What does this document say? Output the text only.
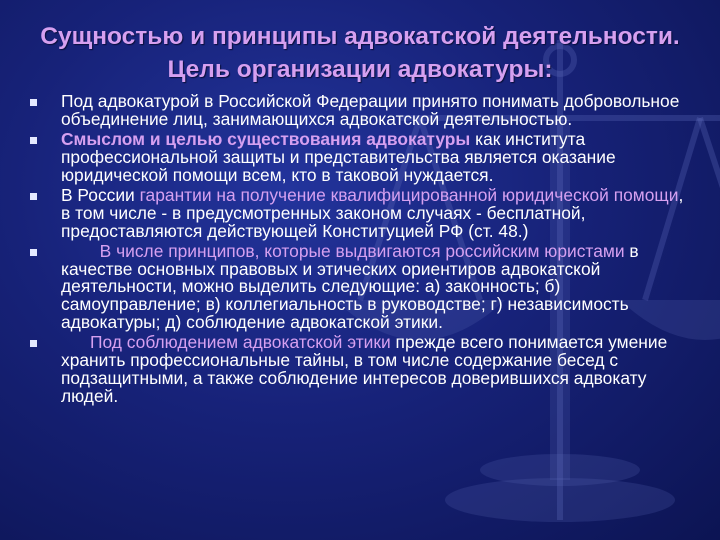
Сущностью и принципы адвокатской деятельности. Цель организации адвокатуры:
Под адвокатурой в Российской Федерации принято понимать добровольное объединение лиц, занимающихся адвокатской деятельностью.
Смыслом и целью существования адвокатуры как института профессиональной защиты и представительства является оказание юридической помощи всем, кто в таковой нуждается.
В России гарантии на получение квалифицированной юридической помощи, в том числе - в предусмотренных законом случаях - бесплатной, предоставляются действующей Конституцией РФ (ст. 48.)
В числе принципов, которые выдвигаются российским юристами в качестве основных правовых и этических ориентиров адвокатской деятельности, можно выделить следующие: а) законность; б) самоуправление; в) коллегиальность в руководстве; г) независимость адвокатуры; д) соблюдение адвокатской этики.
Под соблюдением адвокатской этики прежде всего понимается умение хранить профессиональные тайны, в том числе содержание бесед с подзащитными, а также соблюдение интересов доверившихся адвокату людей.
